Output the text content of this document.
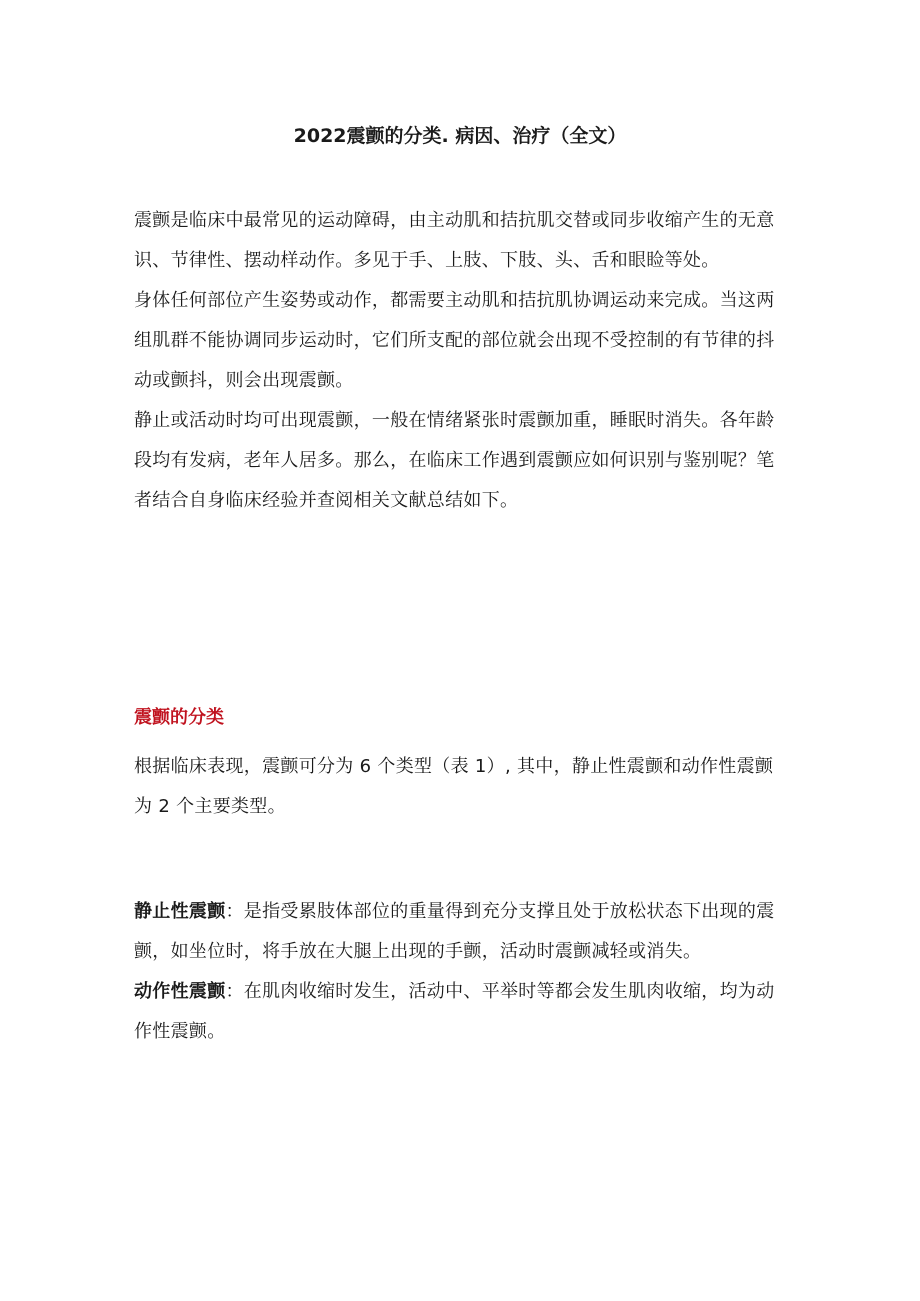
2022震颤的分类. 病因、治疗（全文）

震颤是临床中最常见的运动障碍，由主动肌和拮抗肌交替或同步收缩产生的无意识、节律性、摆动样动作。多见于手、上肢、下肢、头、舌和眼睑等处。

身体任何部位产生姿势或动作，都需要主动肌和拮抗肌协调运动来完成。当这两组肌群不能协调同步运动时，它们所支配的部位就会出现不受控制的有节律的抖动或颤抖，则会出现震颤。

静止或活动时均可出现震颤，一般在情绪紧张时震颤加重，睡眠时消失。各年龄段均有发病，老年人居多。那么，在临床工作遇到震颤应如何识别与鉴别呢？笔者结合自身临床经验并查阅相关文献总结如下。

震颤的分类

根据临床表现，震颤可分为 6 个类型（表 1）, 其中，静止性震颤和动作性震颤为 2 个主要类型。

静止性震颤：是指受累肢体部位的重量得到充分支撑且处于放松状态下出现的震颤，如坐位时，将手放在大腿上出现的手颤，活动时震颤减轻或消失。

动作性震颤：在肌肉收缩时发生，活动中、平举时等都会发生肌肉收缩，均为动作性震颤。
